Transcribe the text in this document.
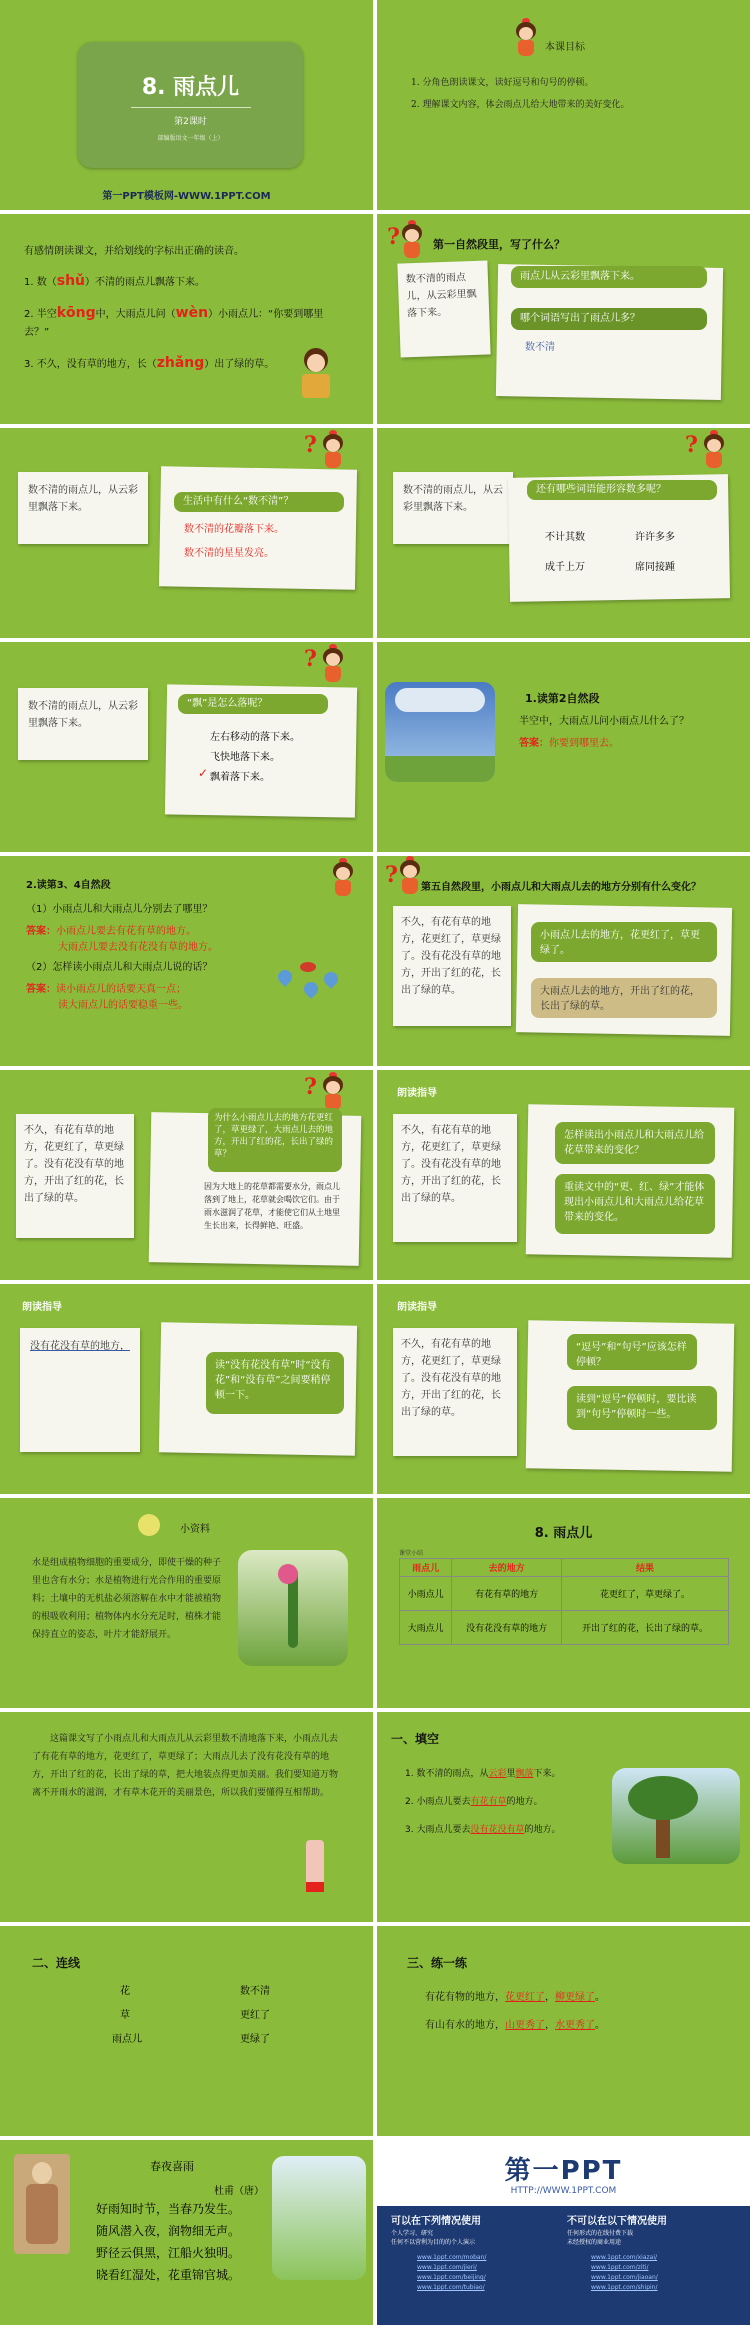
8. 雨点儿
第2课时
部编版语文一年级（上）
第一PPT模板网-WWW.1PPT.COM
本课目标
1. 分角色朗读课文，读好逗号和句号的停顿。
2. 理解课文内容，体会雨点儿给大地带来的美好变化。
有感情朗读课文，并给划线的字标出正确的读音。
1. 数（shǔ）不清的雨点儿飘落下来。
2. 半空kōng中，大雨点儿问（wèn）小雨点儿：“你要到哪里去？”
3. 不久，没有草的地方，长（zhǎng）出了绿的草。
?	第一自然段里，写了什么？
数不清的雨点儿，从云彩里飘落下来。
雨点儿从云彩里飘落下来。
哪个词语写出了雨点儿多？
数不清
?
数不清的雨点儿，从云彩里飘落下来。
生活中有什么“数不清”？
数不清的花瓣落下来。
数不清的星星发亮。
?
数不清的雨点儿，从云彩里飘落下来。
还有哪些词语能形容数多呢？
不计其数	许许多多
成千上万	席同接踵
?
数不清的雨点儿，从云彩里飘落下来。
“飘”是怎么落呢？
左右移动的落下来。
飞快地落下来。
✓ 飘着落下来。
1.读第2自然段
半空中，大雨点儿问小雨点儿什么了？
答案：你要到哪里去。
2.读第3、4自然段
（1）小雨点儿和大雨点儿分别去了哪里？
答案：小雨点儿要去有花有草的地方。
大雨点儿要去没有花没有草的地方。
（2）怎样读小雨点儿和大雨点儿说的话？
答案：读小雨点儿的话要天真一点；
读大雨点儿的话要稳重一些。
? 第五自然段里，小雨点儿和大雨点儿去的地方分别有什么变化？
不久，有花有草的地方，花更红了，草更绿了。没有花没有草的地方，开出了红的花，长出了绿的草。
小雨点儿去的地方，花更红了，草更绿了。
大雨点儿去的地方，开出了红的花，长出了绿的草。
?
不久，有花有草的地方，花更红了，草更绿了。没有花没有草的地方，开出了红的花，长出了绿的草。
为什么小雨点儿去的地方花更红了，草更绿了，大雨点儿去的地方，开出了红的花，长出了绿的草？
因为大地上的花草都需要水分，雨点儿落到了地上，花草就会喝饮它们。由于雨水滋润了花草，才能使它们从土地里生长出来，长得鲜艳、旺盛。
朗读指导
不久，有花有草的地方，花更红了，草更绿了。没有花没有草的地方，开出了红的花，长出了绿的草。
怎样读出小雨点儿和大雨点儿给花草带来的变化？
重读文中的“更、红、绿”才能体现出小雨点儿和大雨点儿给花草带来的变化。
朗读指导
没有花没有草的地方，
读“没有花没有草”时“没有花”和“没有草”之间要稍停顿一下。
朗读指导
不久，有花有草的地方，花更红了，草更绿了。没有花没有草的地方，开出了红的花，长出了绿的草。
“逗号”和“句号”应该怎样停顿？
读到“逗号”停顿时，要比读到“句号”停顿时一些。
小资料
水是组成植物细胞的重要成分，即使干燥的种子里也含有水分；水是植物进行光合作用的重要原料；土壤中的无机盐必须溶解在水中才能被植物的根吸收利用；植物体内水分充足时，植株才能保持直立的姿态，叶片才能舒展开。
8. 雨点儿
课堂小结
雨点儿	去的地方	结果
小雨点儿	有花有草的地方	花更红了，草更绿了。
大雨点儿	没有花没有草的地方	开出了红的花，长出了绿的草。
这篇课文写了小雨点儿和大雨点儿从云彩里数不清地落下来，小雨点儿去了有花有草的地方，花更红了，草更绿了；大雨点儿去了没有花没有草的地方，开出了红的花，长出了绿的草，把大地装点得更加美丽。我们要知道万物离不开雨水的滋润，才有草木花开的美丽景色，所以我们要懂得互相帮助。
一、填空
1. 数不清的雨点，从云彩里飘落下来。
2. 小雨点儿要去有花有草的地方。
3. 大雨点儿要去没有花没有草的地方。
二、连线
花
草
雨点儿
数不清
更红了
更绿了
三、练一练
有花有物的地方，花更红了，柳更绿了。
有山有水的地方，山更秀了，水更秀了。
春夜喜雨
杜甫（唐）
好雨知时节，当春乃发生。
随风潜入夜，润物细无声。
野径云俱黑，江船火独明。
晓看红湿处，花重锦官城。
第一PPT
HTTP://WWW.1PPT.COM
可以在下列情况使用	不可以在以下情况使用
个人学习、研究
任何不以营利为目的的个人演示
任何形式的在线付费下载
未经授权的商业用途
www.1ppt.com/moban/
www.1ppt.com/jieri/
www.1ppt.com/beijing/
www.1ppt.com/tubiao/
www.1ppt.com/xiazai/
www.1ppt.com/ziti/
www.1ppt.com/jiaoan/
www.1ppt.com/shipin/
